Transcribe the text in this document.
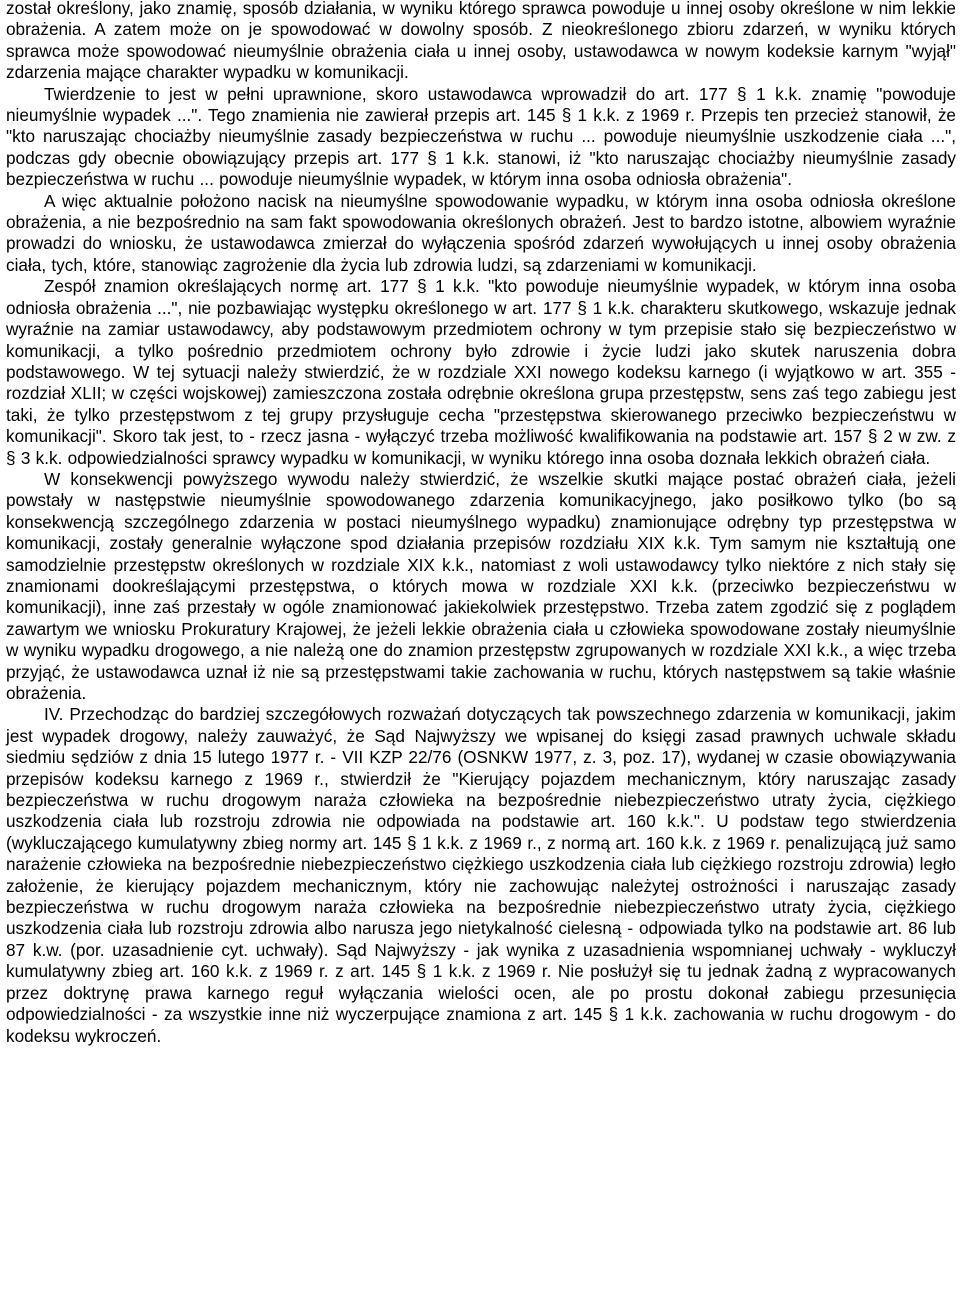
został określony, jako znamię, sposób działania, w wyniku którego sprawca powoduje u innej osoby określone w nim lekkie obrażenia. A zatem może on je spowodować w dowolny sposób. Z nieokreślonego zbioru zdarzeń, w wyniku których sprawca może spowodować nieumyślnie obrażenia ciała u innej osoby, ustawodawca w nowym kodeksie karnym "wyjął" zdarzenia mające charakter wypadku w komunikacji.

Twierdzenie to jest w pełni uprawnione, skoro ustawodawca wprowadził do art. 177 § 1 k.k. znamię "powoduje nieumyślnie wypadek ...". Tego znamienia nie zawierał przepis art. 145 § 1 k.k. z 1969 r. Przepis ten przecież stanowił, że "kto naruszając chociażby nieumyślnie zasady bezpieczeństwa w ruchu ... powoduje nieumyślnie uszkodzenie ciała ...", podczas gdy obecnie obowiązujący przepis art. 177 § 1 k.k. stanowi, iż "kto naruszając chociażby nieumyślnie zasady bezpieczeństwa w ruchu ... powoduje nieumyślnie wypadek, w którym inna osoba odniosła obrażenia".

A więc aktualnie położono nacisk na nieumyślne spowodowanie wypadku, w którym inna osoba odniosła określone obrażenia, a nie bezpośrednio na sam fakt spowodowania określonych obrażeń. Jest to bardzo istotne, albowiem wyraźnie prowadzi do wniosku, że ustawodawca zmierzał do wyłączenia spośród zdarzeń wywołujących u innej osoby obrażenia ciała, tych, które, stanowiąc zagrożenie dla życia lub zdrowia ludzi, są zdarzeniami w komunikacji.

Zespół znamion określających normę art. 177 § 1 k.k. "kto powoduje nieumyślnie wypadek, w którym inna osoba odniosła obrażenia ...", nie pozbawiając występku określonego w art. 177 § 1 k.k. charakteru skutkowego, wskazuje jednak wyraźnie na zamiar ustawodawcy, aby podstawowym przedmiotem ochrony w tym przepisie stało się bezpieczeństwo w komunikacji, a tylko pośrednio przedmiotem ochrony było zdrowie i życie ludzi jako skutek naruszenia dobra podstawowego. W tej sytuacji należy stwierdzić, że w rozdziale XXI nowego kodeksu karnego (i wyjątkowo w art. 355 - rozdział XLII; w części wojskowej) zamieszczona została odrębnie określona grupa przestępstw, sens zaś tego zabiegu jest taki, że tylko przestępstwom z tej grupy przysługuje cecha "przestępstwa skierowanego przeciwko bezpieczeństwu w komunikacji". Skoro tak jest, to - rzecz jasna - wyłączyć trzeba możliwość kwalifikowania na podstawie art. 157 § 2 w zw. z § 3 k.k. odpowiedzialności sprawcy wypadku w komunikacji, w wyniku którego inna osoba doznała lekkich obrażeń ciała.

W konsekwencji powyższego wywodu należy stwierdzić, że wszelkie skutki mające postać obrażeń ciała, jeżeli powstały w następstwie nieumyślnie spowodowanego zdarzenia komunikacyjnego, jako posiłkowo tylko (bo są konsekwencją szczególnego zdarzenia w postaci nieumyślnego wypadku) znamionujące odrębny typ przestępstwa w komunikacji, zostały generalnie wyłączone spod działania przepisów rozdziału XIX k.k. Tym samym nie kształtują one samodzielnie przestępstw określonych w rozdziale XIX k.k., natomiast z woli ustawodawcy tylko niektóre z nich stały się znamionami dookreślającymi przestępstwa, o których mowa w rozdziale XXI k.k. (przeciwko bezpieczeństwu w komunikacji), inne zaś przestały w ogóle znamionować jakiekolwiek przestępstwo. Trzeba zatem zgodzić się z poglądem zawartym we wniosku Prokuratury Krajowej, że jeżeli lekkie obrażenia ciała u człowieka spowodowane zostały nieumyślnie w wyniku wypadku drogowego, a nie należą one do znamion przestępstw zgrupowanych w rozdziale XXI k.k., a więc trzeba przyjąć, że ustawodawca uznał iż nie są przestępstwami takie zachowania w ruchu, których następstwem są takie właśnie obrażenia.

IV. Przechodząc do bardziej szczegółowych rozważań dotyczących tak powszechnego zdarzenia w komunikacji, jakim jest wypadek drogowy, należy zauważyć, że Sąd Najwyższy we wpisanej do księgi zasad prawnych uchwale składu siedmiu sędziów z dnia 15 lutego 1977 r. - VII KZP 22/76 (OSNKW 1977, z. 3, poz. 17), wydanej w czasie obowiązywania przepisów kodeksu karnego z 1969 r., stwierdził że "Kierujący pojazdem mechanicznym, który naruszając zasady bezpieczeństwa w ruchu drogowym naraża człowieka na bezpośrednie niebezpieczeństwo utraty życia, ciężkiego uszkodzenia ciała lub rozstroju zdrowia nie odpowiada na podstawie art. 160 k.k.". U podstaw tego stwierdzenia (wykluczającego kumulatywny zbieg normy art. 145 § 1 k.k. z 1969 r., z normą art. 160 k.k. z 1969 r. penalizującą już samo narażenie człowieka na bezpośrednie niebezpieczeństwo ciężkiego uszkodzenia ciała lub ciężkiego rozstroju zdrowia) legło założenie, że kierujący pojazdem mechanicznym, który nie zachowując należytej ostrożności i naruszając zasady bezpieczeństwa w ruchu drogowym naraża człowieka na bezpośrednie niebezpieczeństwo utraty życia, ciężkiego uszkodzenia ciała lub rozstroju zdrowia albo narusza jego nietykalność cielesną - odpowiada tylko na podstawie art. 86 lub 87 k.w. (por. uzasadnienie cyt. uchwały). Sąd Najwyższy - jak wynika z uzasadnienia wspomnianej uchwały - wykluczył kumulatywny zbieg art. 160 k.k. z 1969 r. z art. 145 § 1 k.k. z 1969 r. Nie posłużył się tu jednak żadną z wypracowanych przez doktrynę prawa karnego reguł wyłączania wielości ocen, ale po prostu dokonał zabiegu przesunięcia odpowiedzialności - za wszystkie inne niż wyczerpujące znamiona z art. 145 § 1 k.k. zachowania w ruchu drogowym - do kodeksu wykroczeń.
